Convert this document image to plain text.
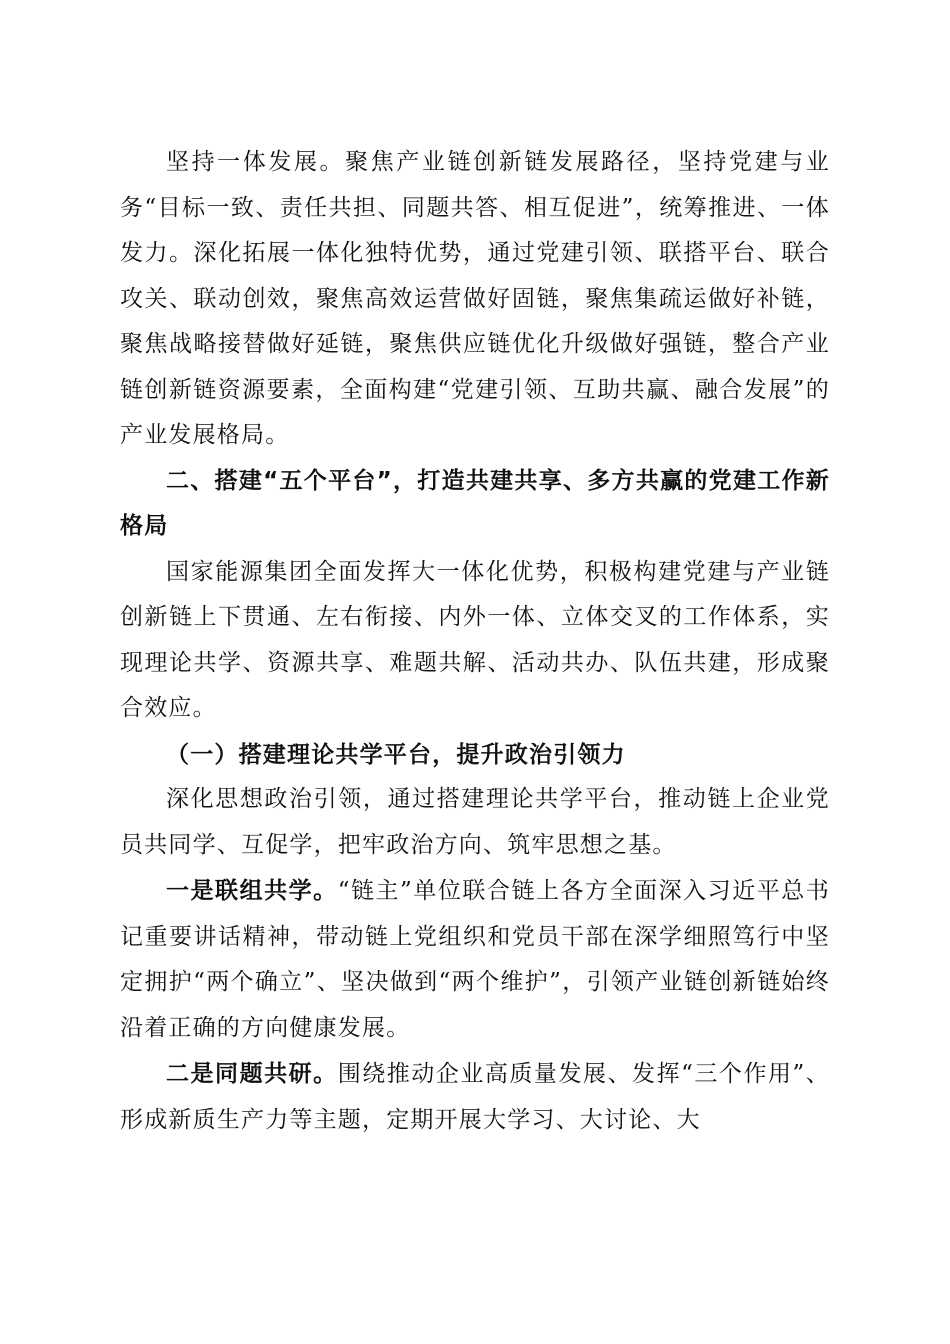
坚持一体发展。聚焦产业链创新链发展路径，坚持党建与业务“目标一致、责任共担、同题共答、相互促进”，统筹推进、一体发力。深化拓展一体化独特优势，通过党建引领、联搭平台、联合攻关、联动创效，聚焦高效运营做好固链，聚焦集疏运做好补链，聚焦战略接替做好延链，聚焦供应链优化升级做好强链，整合产业链创新链资源要素，全面构建“党建引领、互助共赢、融合发展”的产业发展格局。

二、搭建“五个平台”，打造共建共享、多方共赢的党建工作新格局

国家能源集团全面发挥大一体化优势，积极构建党建与产业链创新链上下贯通、左右衔接、内外一体、立体交叉的工作体系，实现理论共学、资源共享、难题共解、活动共办、队伍共建，形成聚合效应。

（一）搭建理论共学平台，提升政治引领力

深化思想政治引领，通过搭建理论共学平台，推动链上企业党员共同学、互促学，把牢政治方向、筑牢思想之基。

一是联组共学。“链主”单位联合链上各方全面深入习近平总书记重要讲话精神，带动链上党组织和党员干部在深学细照笃行中坚定拥护“两个确立”、坚决做到“两个维护”，引领产业链创新链始终沿着正确的方向健康发展。

二是同题共研。围绕推动企业高质量发展、发挥“三个作用”、形成新质生产力等主题，定期开展大学习、大讨论、大
